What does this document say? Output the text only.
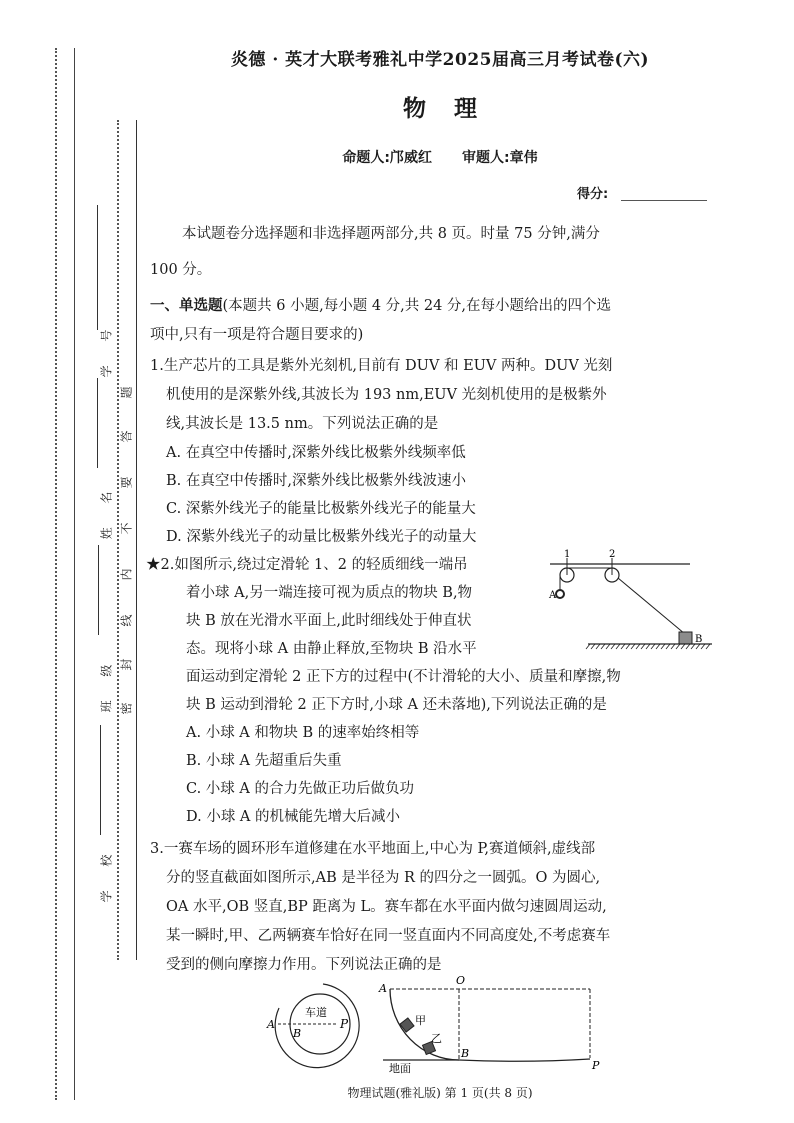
学 号
姓 名
班 级
学 校
题
答
要
不
内
线
封
密
炎德 · 英才大联考雅礼中学2025届高三月考试卷(六)
物 理
命题人:邝威红 审题人:章伟
得分:
本试题卷分选择题和非选择题两部分,共 8 页。时量 75 分钟,满分
100 分。
一、单选题(本题共 6 小题,每小题 4 分,共 24 分,在每小题给出的四个选
项中,只有一项是符合题目要求的)
1.生产芯片的工具是紫外光刻机,目前有 DUV 和 EUV 两种。DUV 光刻
机使用的是深紫外线,其波长为 193 nm,EUV 光刻机使用的是极紫外
线,其波长是 13.5 nm。下列说法正确的是
A. 在真空中传播时,深紫外线比极紫外线频率低
B. 在真空中传播时,深紫外线比极紫外线波速小
C. 深紫外线光子的能量比极紫外线光子的能量大
D. 深紫外线光子的动量比极紫外线光子的动量大
★2.如图所示,绕过定滑轮 1、2 的轻质细线一端吊
着小球 A,另一端连接可视为质点的物块 B,物
块 B 放在光滑水平面上,此时细线处于伸直状
态。现将小球 A 由静止释放,至物块 B 沿水平
面运动到定滑轮 2 正下方的过程中(不计滑轮的大小、质量和摩擦,物
块 B 运动到滑轮 2 正下方时,小球 A 还未落地),下列说法正确的是
A. 小球 A 和物块 B 的速率始终相等
B. 小球 A 先超重后失重
C. 小球 A 的合力先做正功后做负功
D. 小球 A 的机械能先增大后减小
1	2
A
B
3.一赛车场的圆环形车道修建在水平地面上,中心为 P,赛道倾斜,虚线部
分的竖直截面如图所示,AB 是半径为 R 的四分之一圆弧。O 为圆心,
OA 水平,OB 竖直,BP 距离为 L。赛车都在水平面内做匀速圆周运动,
某一瞬时,甲、乙两辆赛车恰好在同一竖直面内不同高度处,不考虑赛车
受到的侧向摩擦力作用。下列说法正确的是
车道
A
B
P
A
O
B
P
甲
乙
地面
物理试题(雅礼版) 第 1 页(共 8 页)
